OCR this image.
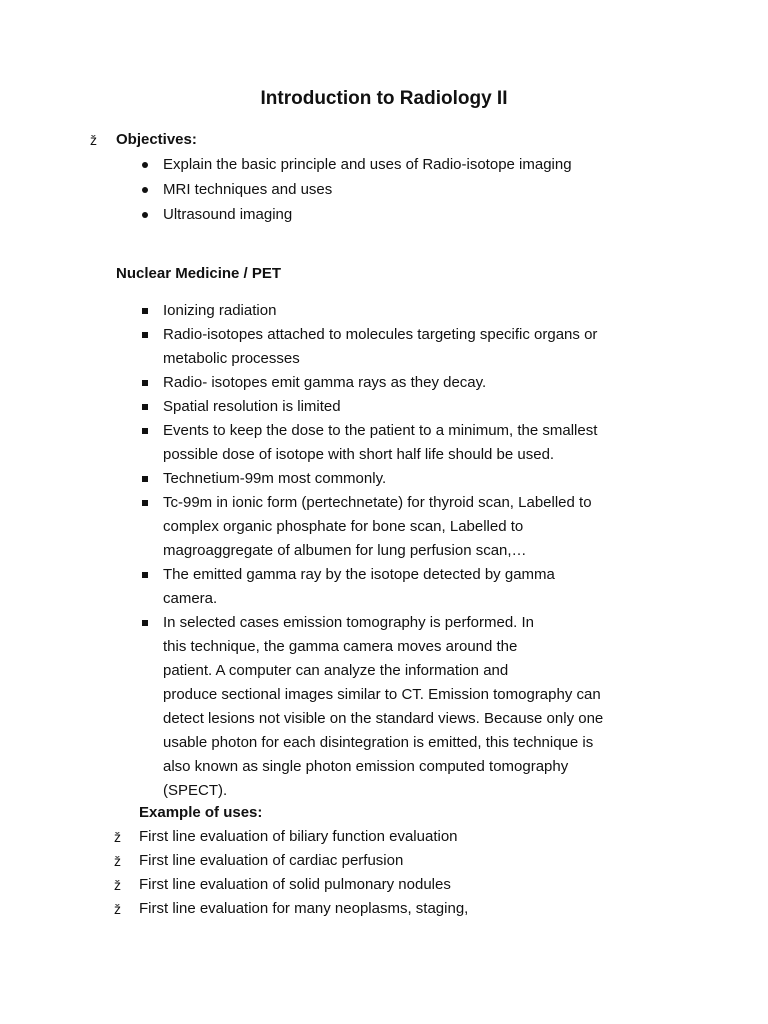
Introduction to Radiology II
ž Objectives:
Explain the basic principle and uses of Radio-isotope imaging
MRI techniques and uses
Ultrasound imaging
Nuclear Medicine / PET
Ionizing radiation
Radio-isotopes attached to molecules targeting specific organs or
metabolic processes
Radio- isotopes emit gamma rays as they decay.
Spatial resolution is limited
Events to keep the dose to the patient to a minimum, the smallest
possible dose of isotope with short half life should be used.
Technetium-99m most commonly.
Tc-99m in ionic form (pertechnetate) for thyroid scan, Labelled to
complex organic phosphate for bone scan, Labelled to
magroaggregate of albumen for lung perfusion scan,…
The emitted gamma ray by the isotope detected by gamma
camera.
In selected cases emission tomography is performed. In
this technique, the gamma camera moves around the
patient. A computer can analyze the information and
produce sectional images similar to CT. Emission tomography can
detect lesions not visible on the standard views. Because only one
usable photon for each disintegration is emitted, this technique is
also known as single photon emission computed tomography
(SPECT).
Example of uses:
ž First line evaluation of biliary function evaluation
ž First line evaluation of cardiac perfusion
ž First line evaluation of solid pulmonary nodules
ž First line evaluation for many neoplasms, staging,
